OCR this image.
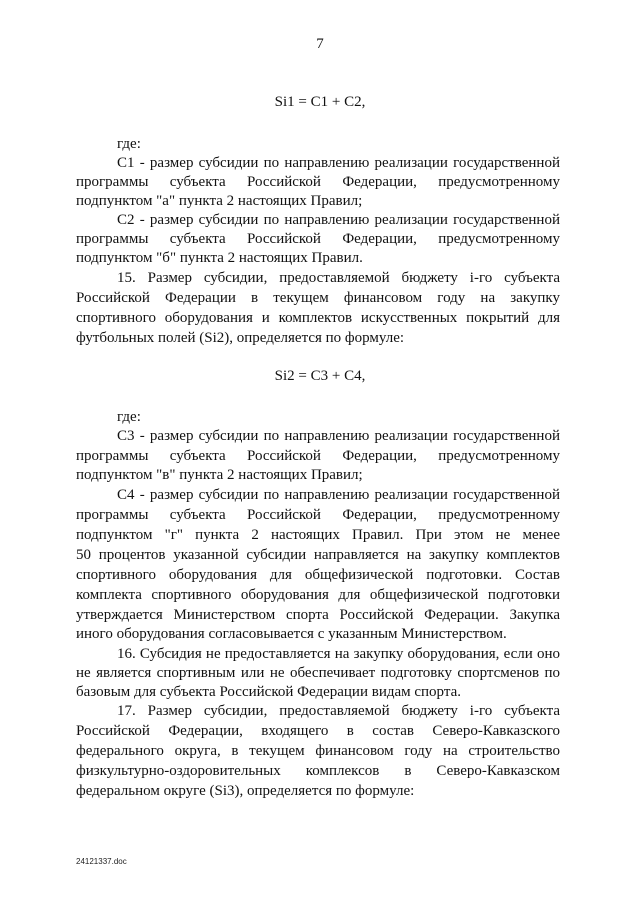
7
Si1 = C1 + C2,
Si2 = C3 + C4,
где:
C1 - размер субсидии по направлению реализации государственной
программы субъекта Российской Федерации, предусмотренному
подпунктом "а" пункта 2 настоящих Правил;
C2 - размер субсидии по направлению реализации государственной
программы субъекта Российской Федерации, предусмотренному
подпунктом "б" пункта 2 настоящих Правил.
15. Размер субсидии, предоставляемой бюджету i-го субъекта
Российской Федерации в текущем финансовом году на закупку
спортивного оборудования и комплектов искусственных покрытий для
футбольных полей (Si2), определяется по формуле:
где:
C3 - размер субсидии по направлению реализации государственной
программы субъекта Российской Федерации, предусмотренному
подпунктом "в" пункта 2 настоящих Правил;
C4 - размер субсидии по направлению реализации государственной
программы субъекта Российской Федерации, предусмотренному
подпунктом "г" пункта 2 настоящих Правил. При этом не менее
50 процентов указанной субсидии направляется на закупку комплектов
спортивного оборудования для общефизической подготовки. Состав
комплекта спортивного оборудования для общефизической подготовки
утверждается Министерством спорта Российской Федерации. Закупка
иного оборудования согласовывается с указанным Министерством.
16. Субсидия не предоставляется на закупку оборудования, если оно
не является спортивным или не обеспечивает подготовку спортсменов по
базовым для субъекта Российской Федерации видам спорта.
17. Размер субсидии, предоставляемой бюджету i-го субъекта
Российской Федерации, входящего в состав Северо-Кавказского
федерального округа, в текущем финансовом году на строительство
физкультурно-оздоровительных комплексов в Северо-Кавказском
федеральном округе (Si3), определяется по формуле:
24121337.doc
